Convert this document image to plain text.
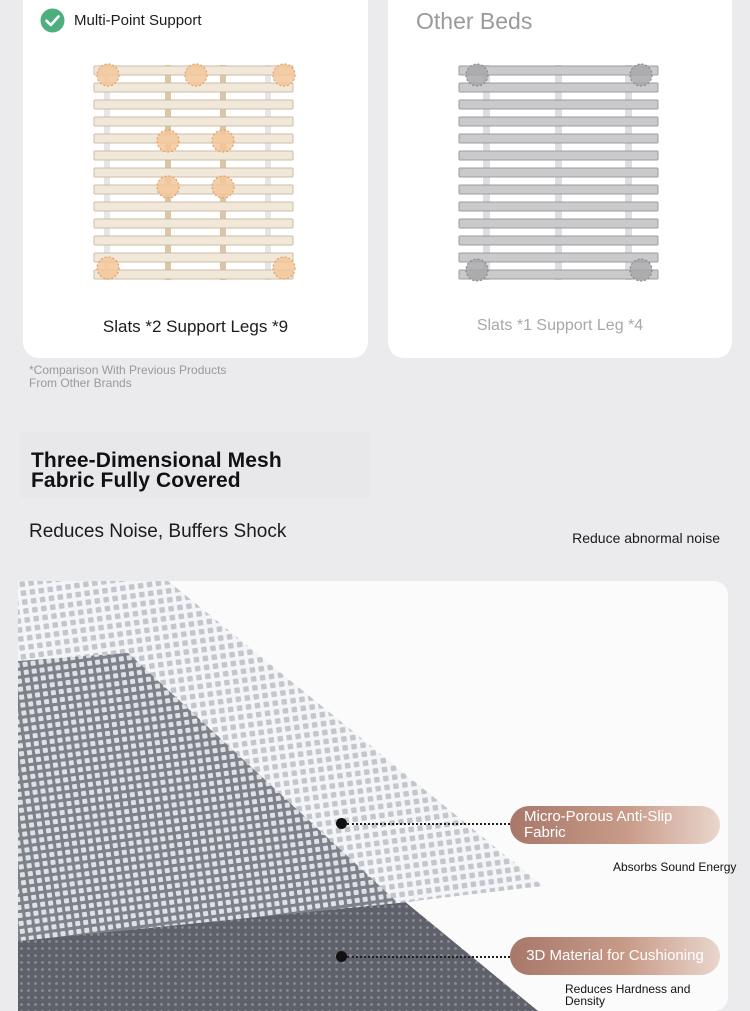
Multi-Point Support
Slats *2 Support Legs *9
Other Beds
Slats *1 Support Leg *4
*Comparison With Previous Products From Other Brands
Three-Dimensional Mesh Fabric Fully Covered
Reduces Noise, Buffers Shock	Reduce abnormal noise
Micro-Porous Anti-Slip Fabric
Absorbs Sound Energy
3D Material for Cushioning
Reduces Hardness and Density
